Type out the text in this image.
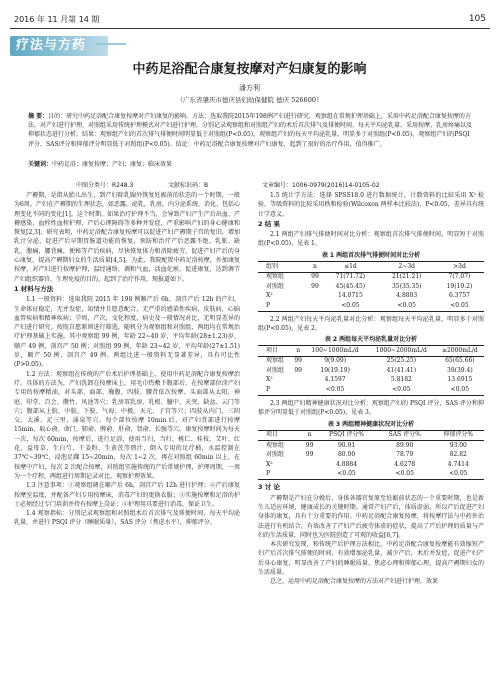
2016 年 11 月第 14 期	105
疗法与方药
中药足浴配合康复按摩对产妇康复的影响
潘方利
（广东省肇庆市德庆县妇幼保健院 德庆 526600）
摘 要：目的：研究中药足浴配合康复按摩对产妇康复的影响。方法：选取我院2015年198例产妇进行研究，观察组在常规护理基础上，采用中药足浴配合康复按摩的方法，对产妇进行护理，对照组采用传统护理模式对产妇进行护理，分别记录观察组和对照组产妇的术后首次排气及排便时间、每天平均泌乳量、采用按摩、乳房疼痛以及抑郁状态进行分析。结果：观察组产妇的首次排气排便时间明显低于对照组(P<0.05)，观察组产妇的每天平均泌乳量，明显多于对照组(P<0.05)，观察组产妇的PSQI评分、SAS评分和抑郁评分明显低于对照组(P<0.05)。结论：中药足浴配合康复按摩对产妇康复，起到了很好的治疗作用，值得推广。
关键词：中药足浴；康复按摩；产妇；康复；临床效果
中图分类号：R248.3	文献标识码：B	文章编号：1006-0979(2016)14-0105-02

产褥期，是指从胎儿出生，到产妇除乳腺外恢复妊娠前的状态的一个时期，一般为6周。产妇在产褥期的生理状态，如恶露，泌乳，乳房，内分泌系统，消化、包括心理变化不同的变化[1]。这个时期，如果治疗护理不当，会导致产妇产生产后出血、产褥感染、血栓性血栓护理、产后心理障碍等多种并发症，严重影响产妇的身心健康和恢复[2,3]。研究表明，中药足浴配合康复按摩可以促进产妇产褥期子宫的复旧，增加乳汁分泌，促进产后早期胃肠道功能的恢复，预防和治疗产后恶露不绝、乳胀、缺乳，腹痛，腰背痛，便秘等产后疾病，尽快恢复体力和消除疲劳，促进产妇产后的身心康复，提高产褥期妇女的生活质量[4,5]。为此，我院配置中药足浴按摩，外加康复按摩，对产妇进行按摩护理，温经通络，调和气血，活血化瘀，促进康复，达到调节产妇组织器官，生理免疫的目的，起到了治疗作用，现报道如下。

1 材料与方法

1.1 一般资料：选取我院 2015 年 198 例顺产后 6h，剖宫产后 12h 的产妇，生命体征稳定，无并发症，知情并且愿意配合，无严重的感染性疾病，皮肤病，心脑血管疾病和精神疾病；孕周，产次，文化程度，病史及一般情况对比，无明显差异的产妇进行研究。按照自愿原则进行筛选，随机分为观察组和对照组，两组均在常规治疗护理基础上实施。其中观察组 99 例，年龄 22~40 岁，平均年龄(28±1.23)岁，顺产 49 例，剖宫产 50 例；对照组 99 例，年龄 23~42 岁，平均年龄(27±1.51)岁，顺产 50 例，剖宫产 49 例。两组比进一般资料无显著差异，具有可比性(P>0.05)。

1.2 方法：观察组在传统的产后术后护理基础上，使用中药足浴配合康复按摩治疗。具体的方法为，产妇洗卸在按摩床上，用毛巾热敷下腹部后，在按摩部位涂产妇专用的按摩精油，对头部、面部、胸腹、四肢、腰背依次按摩。头面部从太阳，神庭、印堂、百会、攒竹、风池等穴；乳房双乳房、乳根、膻中、天突、缺盆、云门等穴；腹部从上脘、中脘、下脘、气海、中极、天元、子宫等穴；四肢从内门、三阴交、太溪、足三里、涌泉等穴。每个部位按摩 10min 后，对产妇背部进行按摩 15min，取心俞、命门、肺俞、脾俞、肝俞、肾俞、长强等穴。康复按摩时间为每天一次，每次 60min，按摩后，进行足浴，使用当归、当归、桃仁、桂枝、艾叶、红花、益母草、生白芍、干姜粉，生黄芪等煎汁，倒入专用的足疗桶，水温控制在 37℃~39℃，浸泡足踝 15~20min，每次 1~2 次，再在对照组 60min 以上，在按摩中产妇，每次 2 次配合按摩，对照组实施传统的产后常规护理，护理周期，一周为一个疗程，两组进行周期记录对比，观察护理效果。

1.3 注意事项：①观察组调在顺产后 6h，剖宫产后 12h 进行护理；②产后康复按摩室温度，并配备产妇专用按摩床，消毒产妇的更换衣服；③实施按摩和足浴的护士必须经过专门培训并持有按摩上岗证；④护理用具要进行消毒，保证卫生。

1.4 观察指标：分别记录观察组和对照组术后首次排气及排便时间、每天平均泌乳量，并进行 PSQI 评分（睡眠质量），SAS 评分（焦虑水平），抑郁评分。

1.5 统计学方法：选择 SPSS18.0 进行数据统计，计数资料的比较采用 X² 检验，等级资料的比较采用秩和检验(Wilcoxon 两样本比较法)，P<0.05，差异具有统计学意义。

2 结 果

2.1 两组产妇排气排便时间对比分析：观察组首次排气排便时间，明显短于对照组(P<0.05)，见表 1。

表 1 两组首次排气排便时间对比分析
组别	n	≤1d	2~3d	>3d
观察组	99	71(71.72)	21(21.21)	7(7.07)
对照组	99	45(45.45)	35(35.35)	19(19.2)
X²		14.0715	4.8803	6.3757
P		<0.05	<0.05	<0.05

2.2 两组产妇每天平均泌乳量对比分析：观察组每天平均泌乳量，明显多于对照组(P<0.05)，见表 2。

表 2 两组每天平均泌乳量对比分析
项目	n	100~1000mL/d	1000~2000mL/d	≥2000mL/d
观察组	99	9(9.09)	25(25.25)	65(65.66)
对照组	99	19(19.19)	41(41.41)	39(39.4)
X²		4.1597	5.8182	13.6915
P		<0.05	<0.05	<0.05

2.3 两组产妇精神健康状况对比分析：观察组产妇的 PSQI 评分，SAS 评分和抑郁评分明显低于对照组(P<0.05)，见表 3。

表 3 两组精神健康状况对比分析
项目	n	PSQI 评分%	SAS 评分%	抑郁评分%
观察组	99	90.91	89.90	93.00
对照组	99	80.00	78.79	82.82
X²		4.8884	4.6278	4.7414
P		<0.05	<0.05	<0.05
3 讨 论

产褥期是产妇在分娩后，身体各器官复原至妊娠前状态的一个重要时期，也是新生儿适应环境，健康成长的关键时期。通常产妇产后，体质虚弱，所以产后促进产妇身体的康复，具有十分重要的作用。中药足浴配合康复按摩，将按摩疗法与中药外治法进行有机结合，有效改善了产妇产后疲劳体虚的症状，提高了产后护理的质量与产妇的生活质量，同时也为医院创造了可观的收益[6,7]。

本次研究发现，和传统产后护理方法相比，中药足浴配合康复按摩能有效缩短产妇产后首次排气排便的时间，有效增加泌乳量，减少产后，术后并发症，促进产妇产后身心康复，明显改善了产妇的睡眠质量、焦虑心理和抑郁心理，提高产褥期妇女的生活质量。

总之，运用中药足浴配合康复按摩的方法对产妇进行护理，效果
